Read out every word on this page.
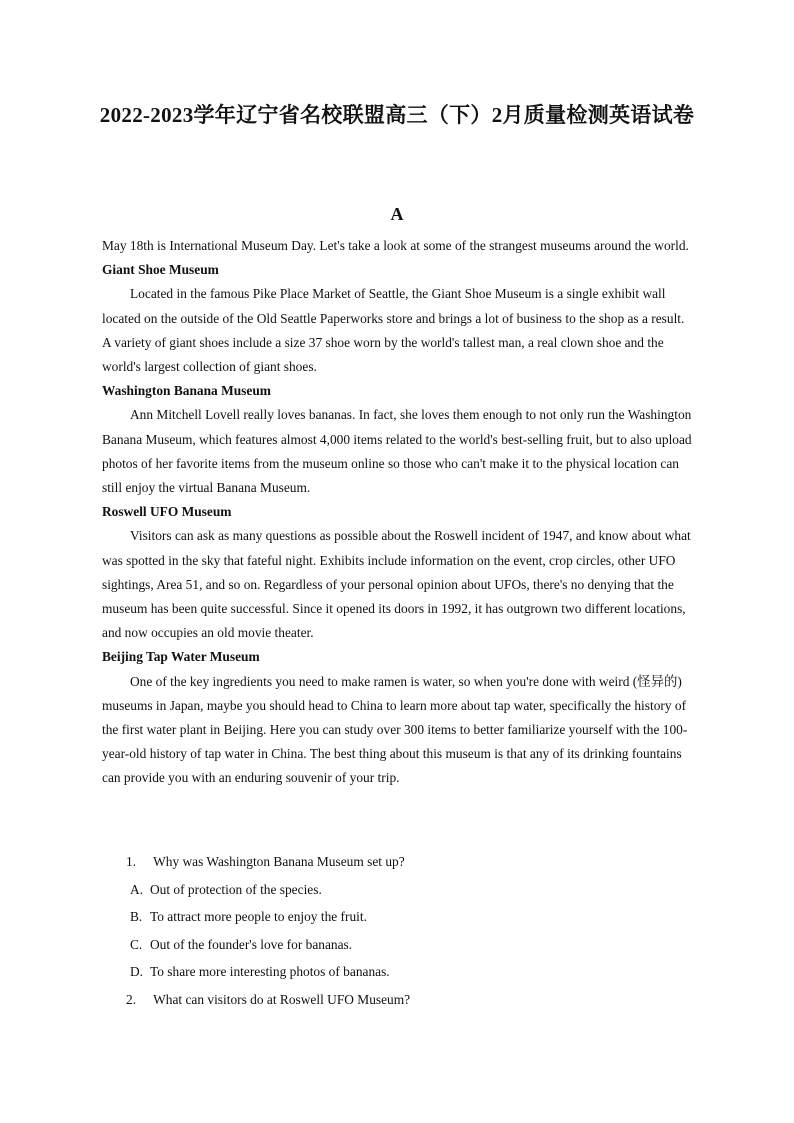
2022-2023学年辽宁省名校联盟高三（下）2月质量检测英语试卷
A

May 18th is International Museum Day. Let's take a look at some of the strangest museums around the world.

Giant Shoe Museum

Located in the famous Pike Place Market of Seattle, the Giant Shoe Museum is a single exhibit wall located on the outside of the Old Seattle Paperworks store and brings a lot of business to the shop as a result. A variety of giant shoes include a size 37 shoe worn by the world's tallest man, a real clown shoe and the world's largest collection of giant shoes.

Washington Banana Museum

Ann Mitchell Lovell really loves bananas. In fact, she loves them enough to not only run the Washington Banana Museum, which features almost 4,000 items related to the world's best-selling fruit, but to also upload photos of her favorite items from the museum online so those who can't make it to the physical location can still enjoy the virtual Banana Museum.

Roswell UFO Museum

Visitors can ask as many questions as possible about the Roswell incident of 1947, and know about what was spotted in the sky that fateful night. Exhibits include information on the event, crop circles, other UFO sightings, Area 51, and so on. Regardless of your personal opinion about UFOs, there's no denying that the museum has been quite successful. Since it opened its doors in 1992, it has outgrown two different locations, and now occupies an old movie theater.

Beijing Tap Water Museum

One of the key ingredients you need to make ramen is water, so when you're done with weird (怪异的) museums in Japan, maybe you should head to China to learn more about tap water, specifically the history of the first water plant in Beijing. Here you can study over 300 items to better familiarize yourself with the 100-year-old history of tap water in China. The best thing about this museum is that any of its drinking fountains can provide you with an enduring souvenir of your trip.

1. Why was Washington Banana Museum set up?
A. Out of protection of the species.
B. To attract more people to enjoy the fruit.
C. Out of the founder's love for bananas.
D. To share more interesting photos of bananas.
2. What can visitors do at Roswell UFO Museum?
